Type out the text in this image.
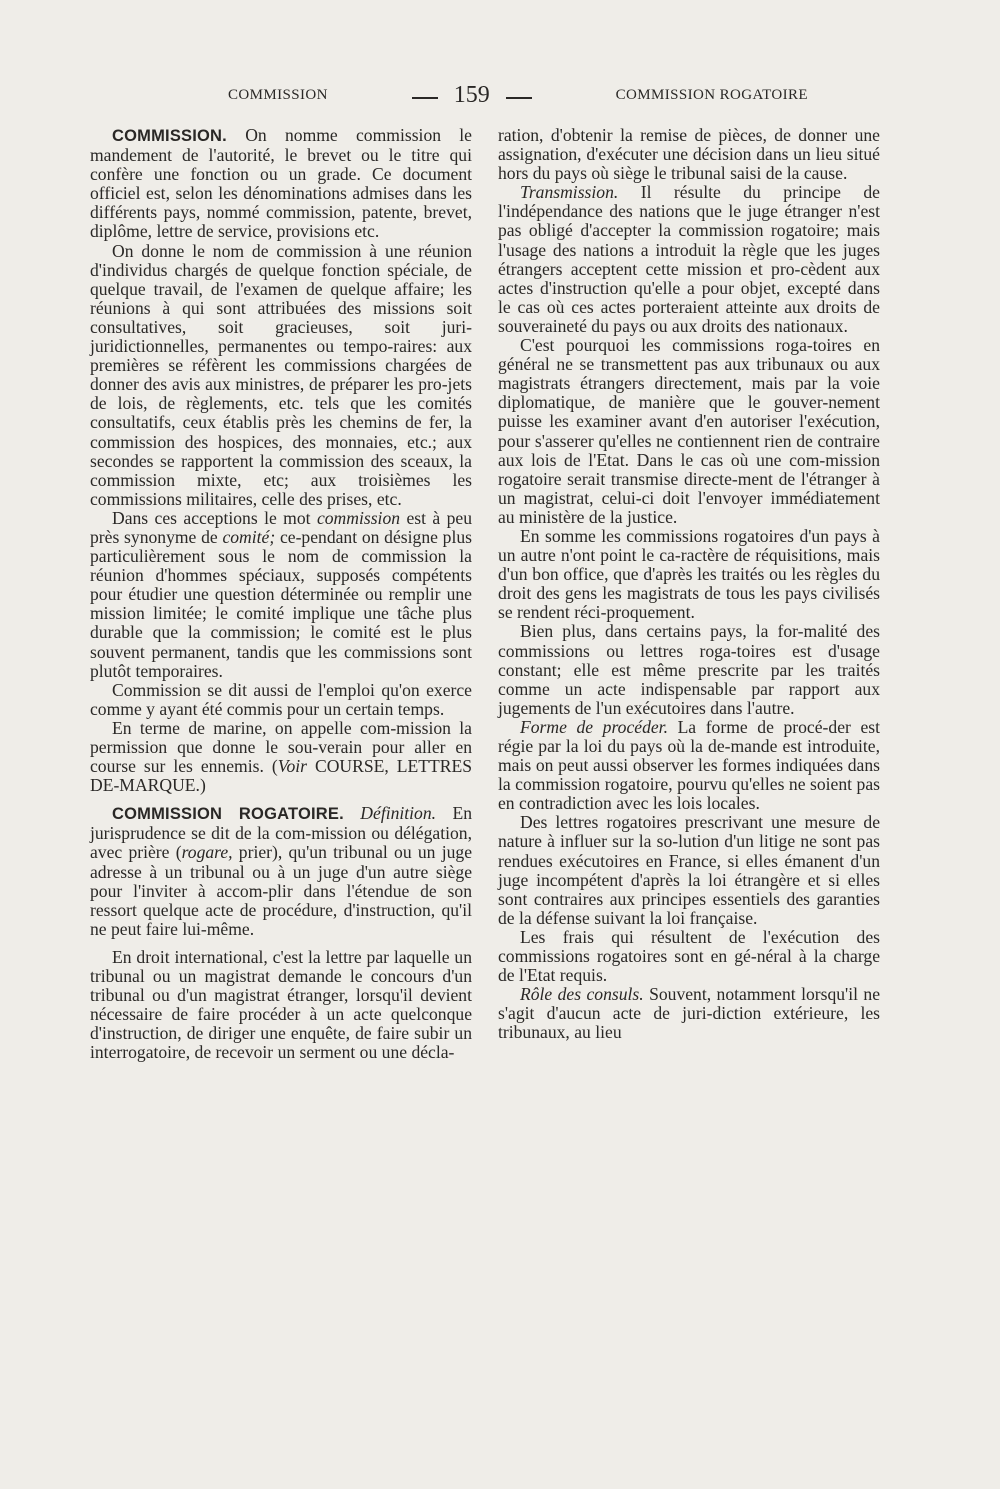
COMMISSION	159	COMMISSION ROGATOIRE

COMMISSION. On nomme commission le mandement de l'autorité, le brevet ou le titre qui confère une fonction ou un grade. Ce document officiel est, selon les dénominations admises dans les différents pays, nommé commission, patente, brevet, diplôme, lettre de service, provisions etc.

On donne le nom de commission à une réunion d'individus chargés de quelque fonction spéciale, de quelque travail, de l'examen de quelque affaire; les réunions à qui sont attribuées des missions soit consultatives, soit gracieuses, soit juri-juridictionnelles, permanentes ou tempo-raires: aux premières se réfèrent les commissions chargées de donner des avis aux ministres, de préparer les pro-jets de lois, de règlements, etc. tels que les comités consultatifs, ceux établis près les chemins de fer, la commission des hospices, des monnaies, etc.; aux secondes se rapportent la commission des sceaux, la commission mixte, etc; aux troisièmes les commissions militaires, celle des prises, etc.

Dans ces acceptions le mot commission est à peu près synonyme de comité; ce-pendant on désigne plus particulièrement sous le nom de commission la réunion d'hommes spéciaux, supposés compétents pour étudier une question déterminée ou remplir une mission limitée; le comité implique une tâche plus durable que la commission; le comité est le plus souvent permanent, tandis que les commissions sont plutôt temporaires.

Commission se dit aussi de l'emploi qu'on exerce comme y ayant été commis pour un certain temps.

En terme de marine, on appelle com-mission la permission que donne le sou-verain pour aller en course sur les ennemis. (Voir COURSE, LETTRES DE-MARQUE.)

COMMISSION ROGATOIRE. Définition. En jurisprudence se dit de la com-mission ou délégation, avec prière (rogare, prier), qu'un tribunal ou un juge adresse à un tribunal ou à un juge d'un autre siège pour l'inviter à accom-plir dans l'étendue de son ressort quelque acte de procédure, d'instruction, qu'il ne peut faire lui-même.

En droit international, c'est la lettre par laquelle un tribunal ou un magistrat demande le concours d'un tribunal ou d'un magistrat étranger, lorsqu'il devient nécessaire de faire procéder à un acte quelconque d'instruction, de diriger une enquête, de faire subir un interrogatoire, de recevoir un serment ou une décla-

ration, d'obtenir la remise de pièces, de donner une assignation, d'exécuter une décision dans un lieu situé hors du pays où siège le tribunal saisi de la cause.

Transmission. Il résulte du principe de l'indépendance des nations que le juge étranger n'est pas obligé d'accepter la commission rogatoire; mais l'usage des nations a introduit la règle que les juges étrangers acceptent cette mission et pro-cèdent aux actes d'instruction qu'elle a pour objet, excepté dans le cas où ces actes porteraient atteinte aux droits de souveraineté du pays ou aux droits des nationaux.

C'est pourquoi les commissions roga-toires en général ne se transmettent pas aux tribunaux ou aux magistrats étrangers directement, mais par la voie diplomatique, de manière que le gouver-nement puisse les examiner avant d'en autoriser l'exécution, pour s'asserer qu'elles ne contiennent rien de contraire aux lois de l'Etat. Dans le cas où une com-mission rogatoire serait transmise directe-ment de l'étranger à un magistrat, celui-ci doit l'envoyer immédiatement au ministère de la justice.

En somme les commissions rogatoires d'un pays à un autre n'ont point le ca-ractère de réquisitions, mais d'un bon office, que d'après les traités ou les règles du droit des gens les magistrats de tous les pays civilisés se rendent réci-proquement.

Bien plus, dans certains pays, la for-malité des commissions ou lettres roga-toires est d'usage constant; elle est même prescrite par les traités comme un acte indispensable par rapport aux jugements de l'un exécutoires dans l'autre.

Forme de procéder. La forme de procé-der est régie par la loi du pays où la de-mande est introduite, mais on peut aussi observer les formes indiquées dans la commission rogatoire, pourvu qu'elles ne soient pas en contradiction avec les lois locales.

Des lettres rogatoires prescrivant une mesure de nature à influer sur la so-lution d'un litige ne sont pas rendues exécutoires en France, si elles émanent d'un juge incompétent d'après la loi étrangère et si elles sont contraires aux principes essentiels des garanties de la défense suivant la loi française.

Les frais qui résultent de l'exécution des commissions rogatoires sont en gé-néral à la charge de l'Etat requis.

Rôle des consuls. Souvent, notamment lorsqu'il ne s'agit d'aucun acte de juri-diction extérieure, les tribunaux, au lieu
